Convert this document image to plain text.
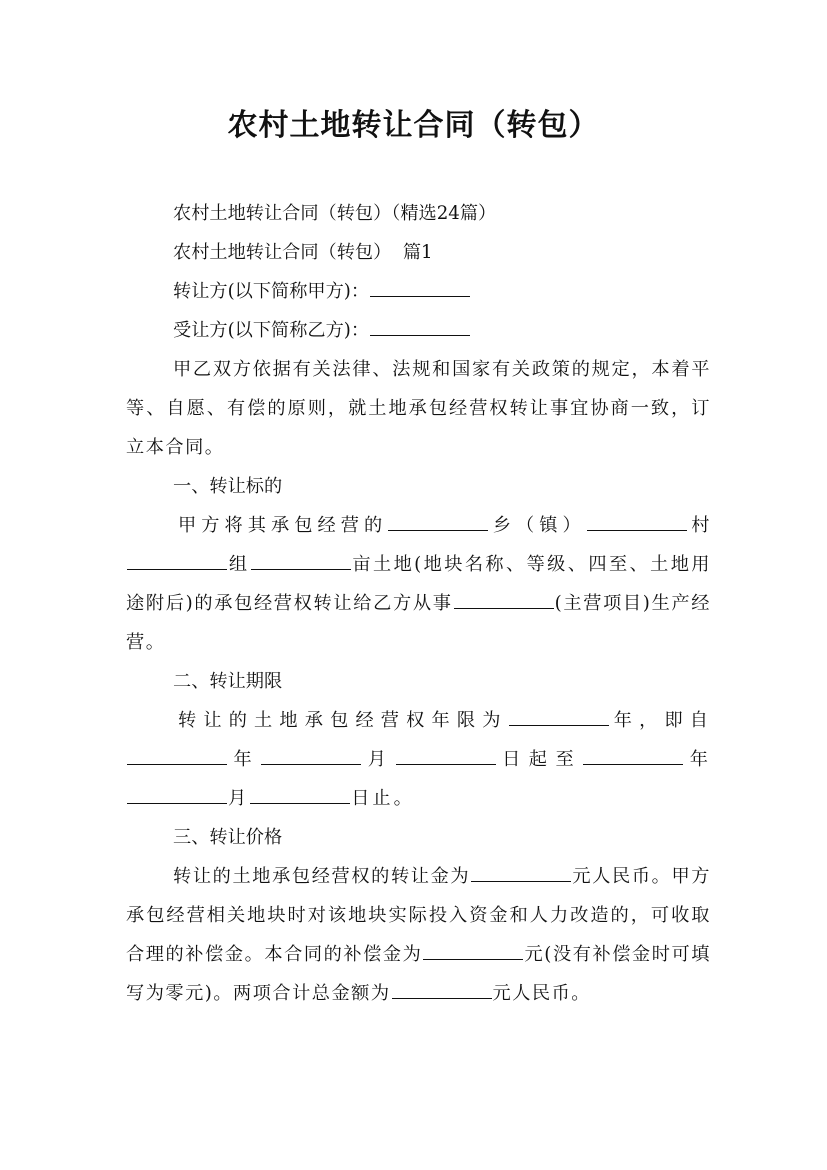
农村土地转让合同（转包）

农村土地转让合同（转包）（精选24篇）

农村土地转让合同（转包）  篇1

转让方(以下简称甲方)：

受让方(以下简称乙方)：

甲乙双方依据有关法律、法规和国家有关政策的规定，本着平等、自愿、有偿的原则，就土地承包经营权转让事宜协商一致，订立本合同。

一、转让标的

甲方将其承包经营的	乡（镇）	村组	亩土地(地块名称、等级、四至、土地用途附后)的承包经营权转让给乙方从事	(主营项目)生产经营。

二、转让期限

转让的土地承包经营权年限为	年，即自年	月	日起至	年月	日止。

三、转让价格

转让的土地承包经营权的转让金为	元人民币。甲方承包经营相关地块时对该地块实际投入资金和人力改造的，可收取合理的补偿金。本合同的补偿金为	元(没有补偿金时可填写为零元)。两项合计总金额为	元人民币。
